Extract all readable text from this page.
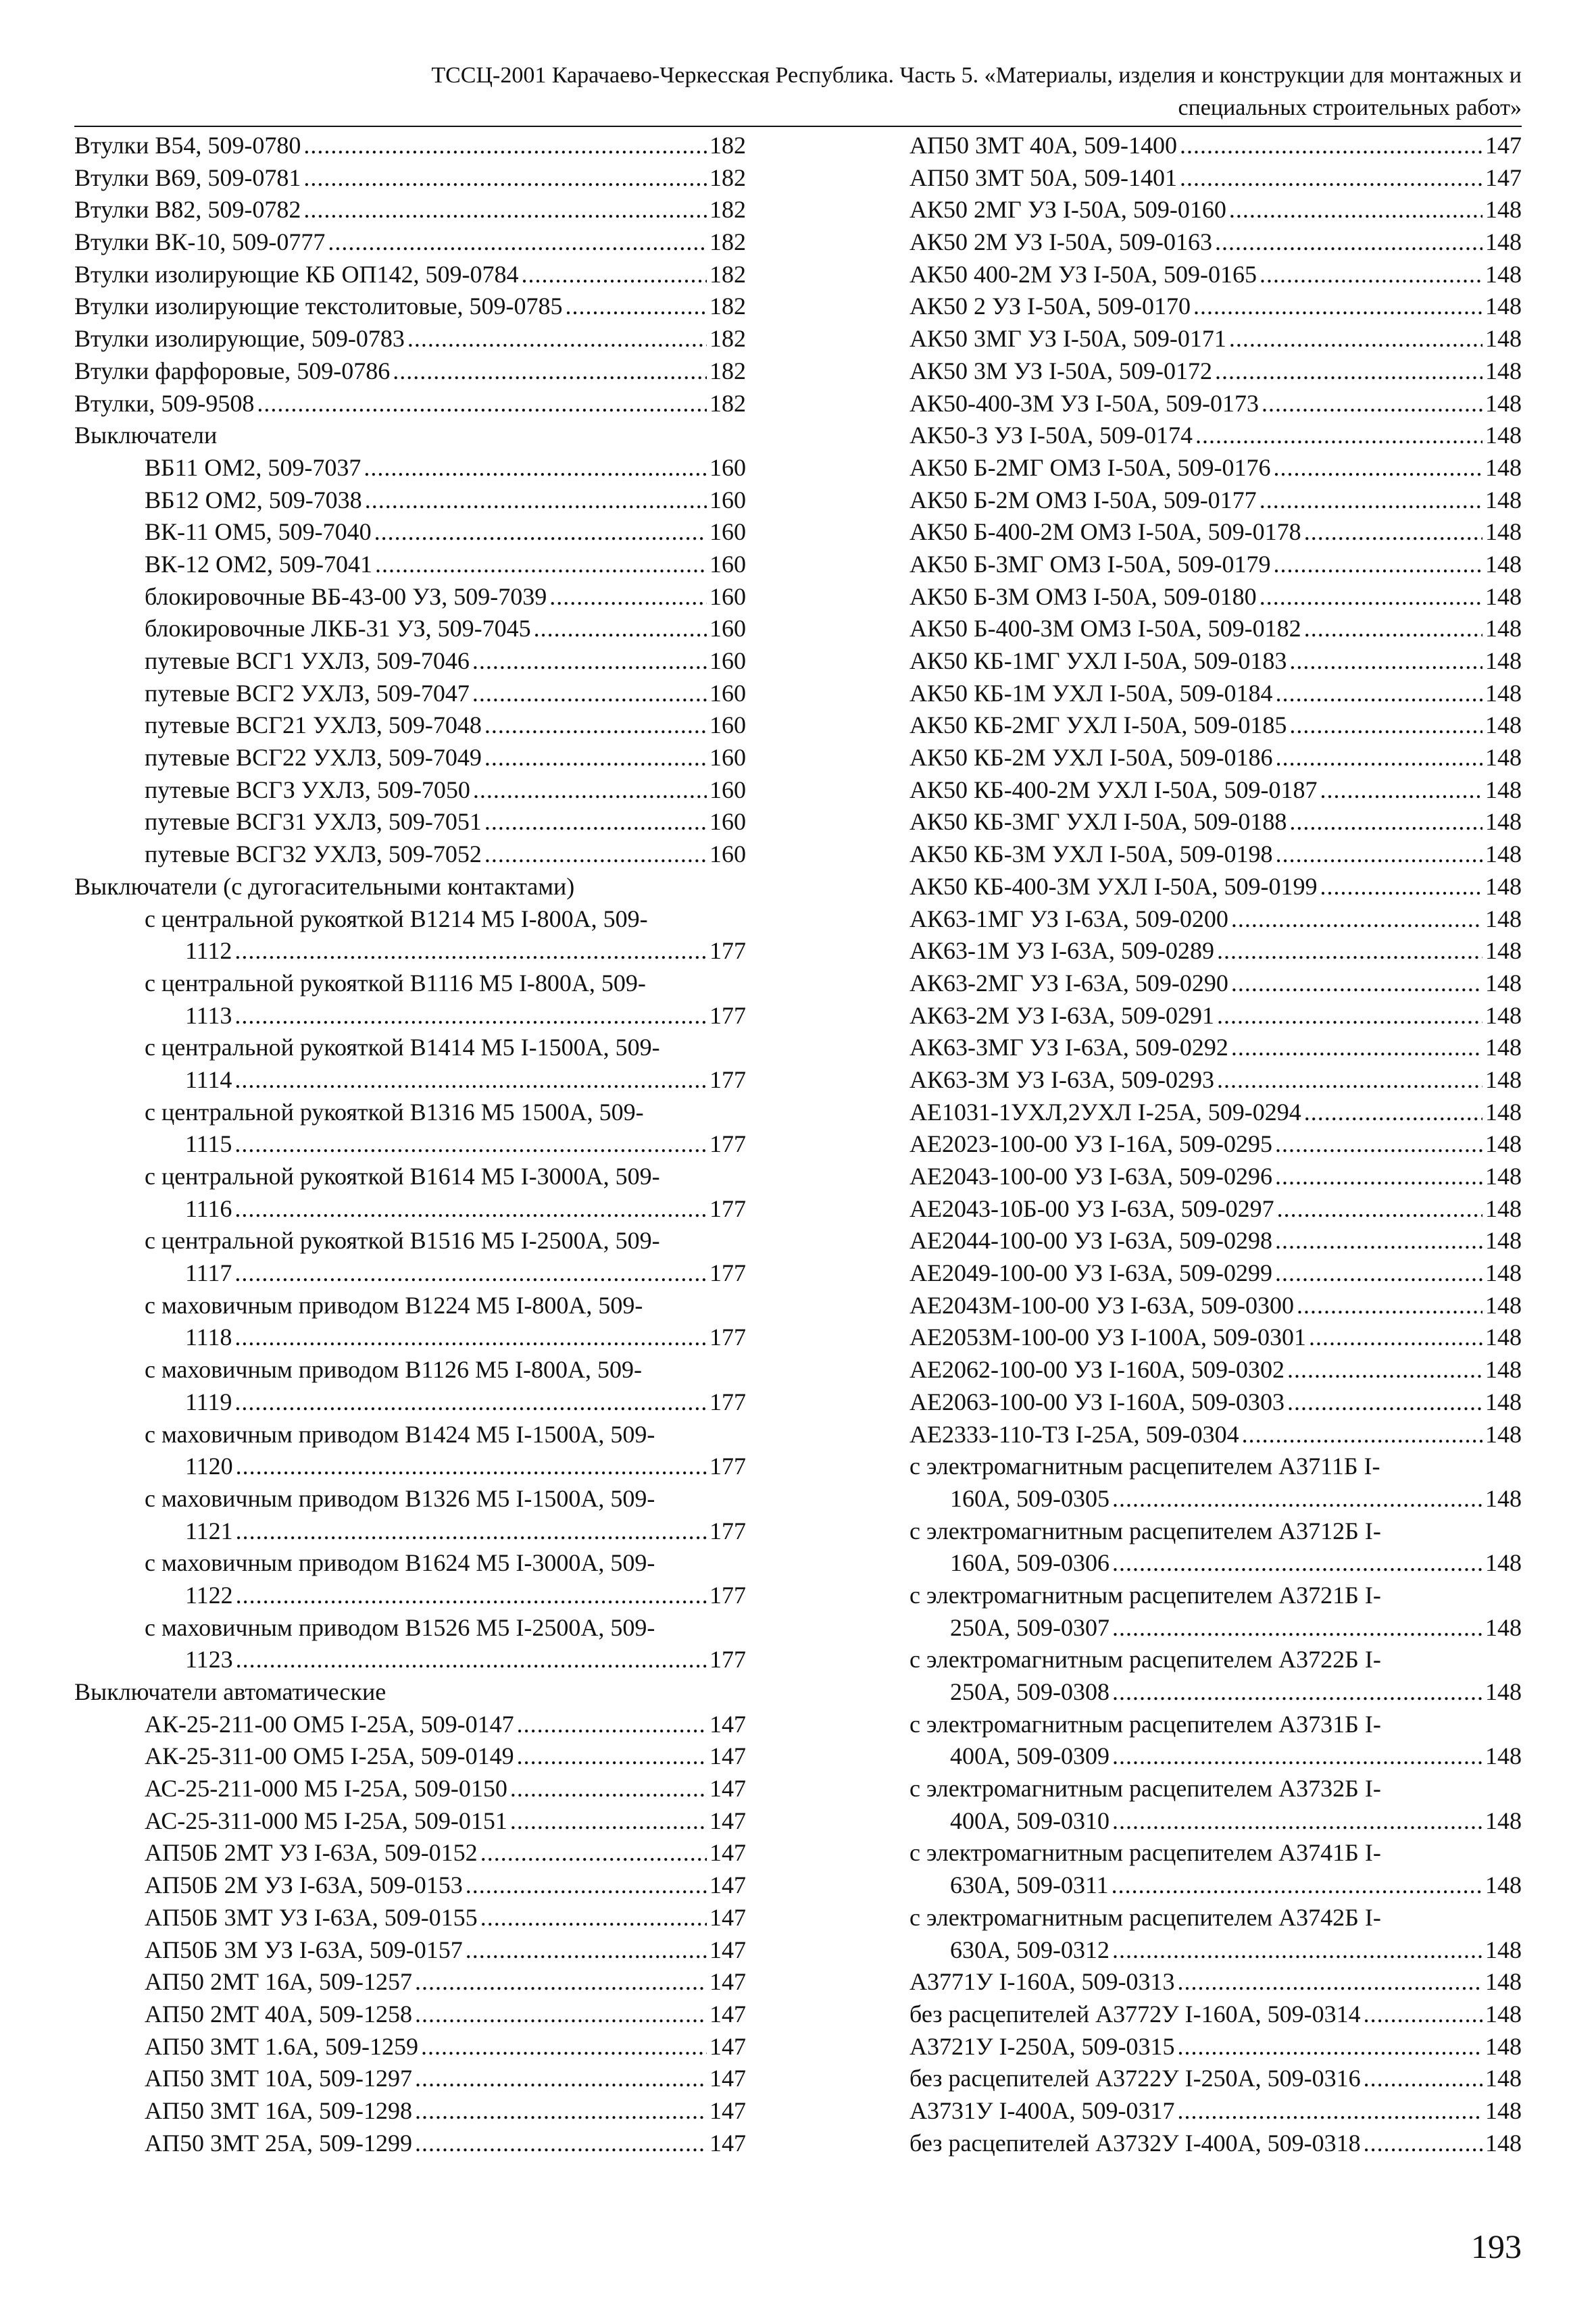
ТССЦ-2001 Карачаево-Черкесская Республика. Часть 5. «Материалы, изделия и конструкции для монтажных и
специальных строительных работ»
Втулки В54, 509-0780 .....	182
Втулки В69, 509-0781 .....	182
Втулки В82, 509-0782 .....	182
Втулки ВК-10, 509-0777 .....	182
Втулки изолирующие КБ ОП142, 509-0784 .....	182
Втулки изолирующие текстолитовые, 509-0785 .....	182
Втулки изолирующие, 509-0783 .....	182
Втулки фарфоровые, 509-0786 .....	182
Втулки, 509-9508 .....	182
Выключатели
ВБ11 ОМ2, 509-7037 .....	160
ВБ12 ОМ2, 509-7038 .....	160
ВК-11 ОМ5, 509-7040 .....	160
ВК-12 ОМ2, 509-7041 .....	160
блокировочные ВБ-43-00 УЗ, 509-7039 .....	160
блокировочные ЛКБ-31 УЗ, 509-7045 .....	160
путевые ВСГ1 УХЛЗ, 509-7046 .....	160
путевые ВСГ2 УХЛЗ, 509-7047 .....	160
путевые ВСГ21 УХЛЗ, 509-7048 .....	160
путевые ВСГ22 УХЛЗ, 509-7049 .....	160
путевые ВСГЗ УХЛЗ, 509-7050 .....	160
путевые ВСГ31 УХЛЗ, 509-7051 .....	160
путевые ВСГ32 УХЛЗ, 509-7052 .....	160
Выключатели (с дугогасительными контактами)
с центральной рукояткой В1214 М5 I-800А, 509-
1112 .....	177
с центральной рукояткой В1116 М5 I-800А, 509-
1113 .....	177
с центральной рукояткой В1414 М5 I-1500А, 509-
1114 .....	177
с центральной рукояткой В1316 М5 1500А, 509-
1115 .....	177
с центральной рукояткой В1614 М5 I-3000А, 509-
1116 .....	177
с центральной рукояткой В1516 М5 I-2500А, 509-
1117 .....	177
с маховичным приводом В1224 М5 I-800А, 509-
1118 .....	177
с маховичным приводом В1126 М5 I-800А, 509-
1119 .....	177
с маховичным приводом В1424 М5 I-1500А, 509-
1120 .....	177
с маховичным приводом В1326 М5 I-1500А, 509-
1121 .....	177
с маховичным приводом В1624 М5 I-3000А, 509-
1122 .....	177
с маховичным приводом В1526 М5 I-2500А, 509-
1123 .....	177
Выключатели автоматические
АК-25-211-00 ОМ5 I-25А, 509-0147 .....	147
АК-25-311-00 ОМ5 I-25А, 509-0149 .....	147
АС-25-211-000 М5 I-25А, 509-0150 .....	147
АС-25-311-000 М5 I-25А, 509-0151 .....	147
АП50Б 2МТ УЗ I-63А, 509-0152 .....	147
АП50Б 2М УЗ I-63А, 509-0153 .....	147
АП50Б 3МТ УЗ I-63А, 509-0155 .....	147
АП50Б 3М УЗ I-63А, 509-0157 .....	147
АП50 2МТ 16А, 509-1257 .....	147
АП50 2МТ 40А, 509-1258 .....	147
АП50 3МТ 1.6А, 509-1259 .....	147
АП50 3МТ 10А, 509-1297 .....	147
АП50 3МТ 16А, 509-1298 .....	147
АП50 3МТ 25А, 509-1299 .....	147
АП50 3МТ 40А, 509-1400 .....	147
АП50 3МТ 50А, 509-1401 .....	147
АК50 2МГ УЗ I-50А, 509-0160 .....	148
АК50 2М УЗ I-50А, 509-0163 .....	148
АК50 400-2М УЗ I-50А, 509-0165 .....	148
АК50 2 УЗ I-50А, 509-0170 .....	148
АК50 3МГ УЗ I-50А, 509-0171 .....	148
АК50 3М УЗ I-50А, 509-0172 .....	148
АК50-400-3М УЗ I-50А, 509-0173 .....	148
АК50-3 УЗ I-50А, 509-0174 .....	148
АК50 Б-2МГ ОМЗ I-50А, 509-0176 .....	148
АК50 Б-2М ОМЗ I-50А, 509-0177 .....	148
АК50 Б-400-2М ОМЗ I-50А, 509-0178 .....	148
АК50 Б-3МГ ОМЗ I-50А, 509-0179 .....	148
АК50 Б-3М ОМЗ I-50А, 509-0180 .....	148
АК50 Б-400-3М ОМЗ I-50А, 509-0182 .....	148
АК50 КБ-1МГ УХЛ I-50А, 509-0183 .....	148
АК50 КБ-1М УХЛ I-50А, 509-0184 .....	148
АК50 КБ-2МГ УХЛ I-50А, 509-0185 .....	148
АК50 КБ-2М УХЛ I-50А, 509-0186 .....	148
АК50 КБ-400-2М УХЛ I-50А, 509-0187 .....	148
АК50 КБ-3МГ УХЛ I-50А, 509-0188 .....	148
АК50 КБ-3М УХЛ I-50А, 509-0198 .....	148
АК50 КБ-400-3М УХЛ I-50А, 509-0199 .....	148
АК63-1МГ УЗ I-63А, 509-0200 .....	148
АК63-1М УЗ I-63А, 509-0289 .....	148
АК63-2МГ УЗ I-63А, 509-0290 .....	148
АК63-2М УЗ I-63А, 509-0291 .....	148
АК63-3МГ УЗ I-63А, 509-0292 .....	148
АК63-3М УЗ I-63А, 509-0293 .....	148
АЕ1031-1УХЛ,2УХЛ I-25А, 509-0294 .....	148
АЕ2023-100-00 УЗ I-16А, 509-0295 .....	148
АЕ2043-100-00 УЗ I-63А, 509-0296 .....	148
АЕ2043-10Б-00 УЗ I-63А, 509-0297 .....	148
АЕ2044-100-00 УЗ I-63А, 509-0298 .....	148
АЕ2049-100-00 УЗ I-63А, 509-0299 .....	148
АЕ2043М-100-00 УЗ I-63А, 509-0300 .....	148
АЕ2053М-100-00 УЗ I-100А, 509-0301 .....	148
АЕ2062-100-00 УЗ I-160А, 509-0302 .....	148
АЕ2063-100-00 УЗ I-160А, 509-0303 .....	148
АЕ2333-110-ТЗ I-25А, 509-0304 .....	148
с электромагнитным расцепителем А3711Б I-
160А, 509-0305 .....	148
с электромагнитным расцепителем А3712Б I-
160А, 509-0306 .....	148
с электромагнитным расцепителем А3721Б I-
250А, 509-0307 .....	148
с электромагнитным расцепителем А3722Б I-
250А, 509-0308 .....	148
с электромагнитным расцепителем А3731Б I-
400А, 509-0309 .....	148
с электромагнитным расцепителем А3732Б I-
400А, 509-0310 .....	148
с электромагнитным расцепителем А3741Б I-
630А, 509-0311 .....	148
с электромагнитным расцепителем А3742Б I-
630А, 509-0312 .....	148
А3771У I-160А, 509-0313 .....	148
без расцепителей А3772У I-160А, 509-0314 .....	148
А3721У I-250А, 509-0315 .....	148
без расцепителей А3722У I-250А, 509-0316 .....	148
А3731У I-400А, 509-0317 .....	148
без расцепителей А3732У I-400А, 509-0318 .....	148
193
